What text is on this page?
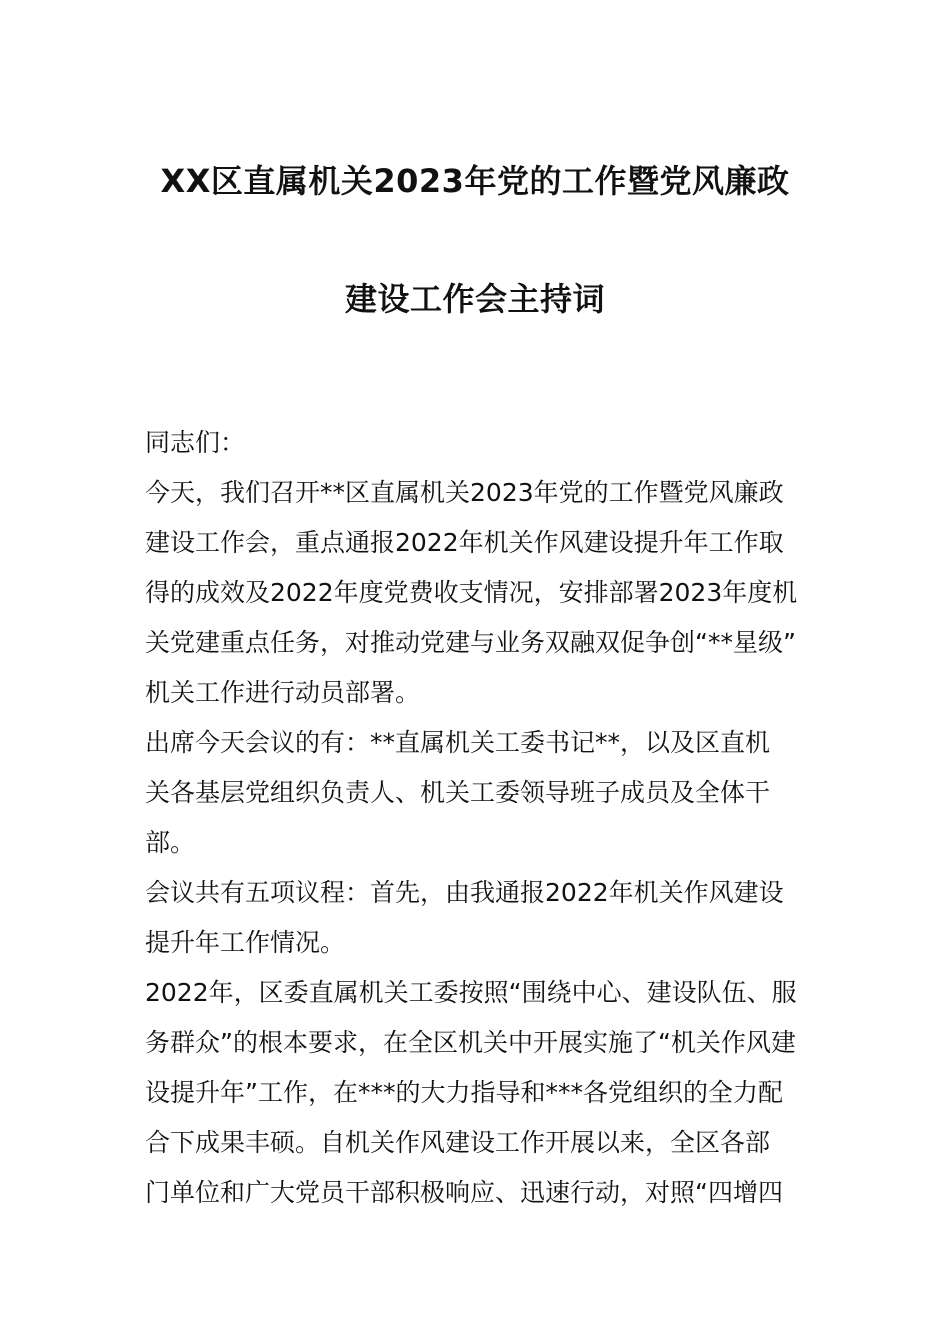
XX区直属机关2023年党的工作暨党风廉政
建设工作会主持词
同志们：
今天，我们召开**区直属机关2023年党的工作暨党风廉政
建设工作会，重点通报2022年机关作风建设提升年工作取
得的成效及2022年度党费收支情况，安排部署2023年度机
关党建重点任务，对推动党建与业务双融双促争创“**星级”
机关工作进行动员部署。
出席今天会议的有：**直属机关工委书记**，以及区直机
关各基层党组织负责人、机关工委领导班子成员及全体干
部。
会议共有五项议程：首先，由我通报2022年机关作风建设
提升年工作情况。
2022年，区委直属机关工委按照“围绕中心、建设队伍、服
务群众”的根本要求，在全区机关中开展实施了“机关作风建
设提升年”工作，在***的大力指导和***各党组织的全力配
合下成果丰硕。自机关作风建设工作开展以来，全区各部
门单位和广大党员干部积极响应、迅速行动，对照“四增四
